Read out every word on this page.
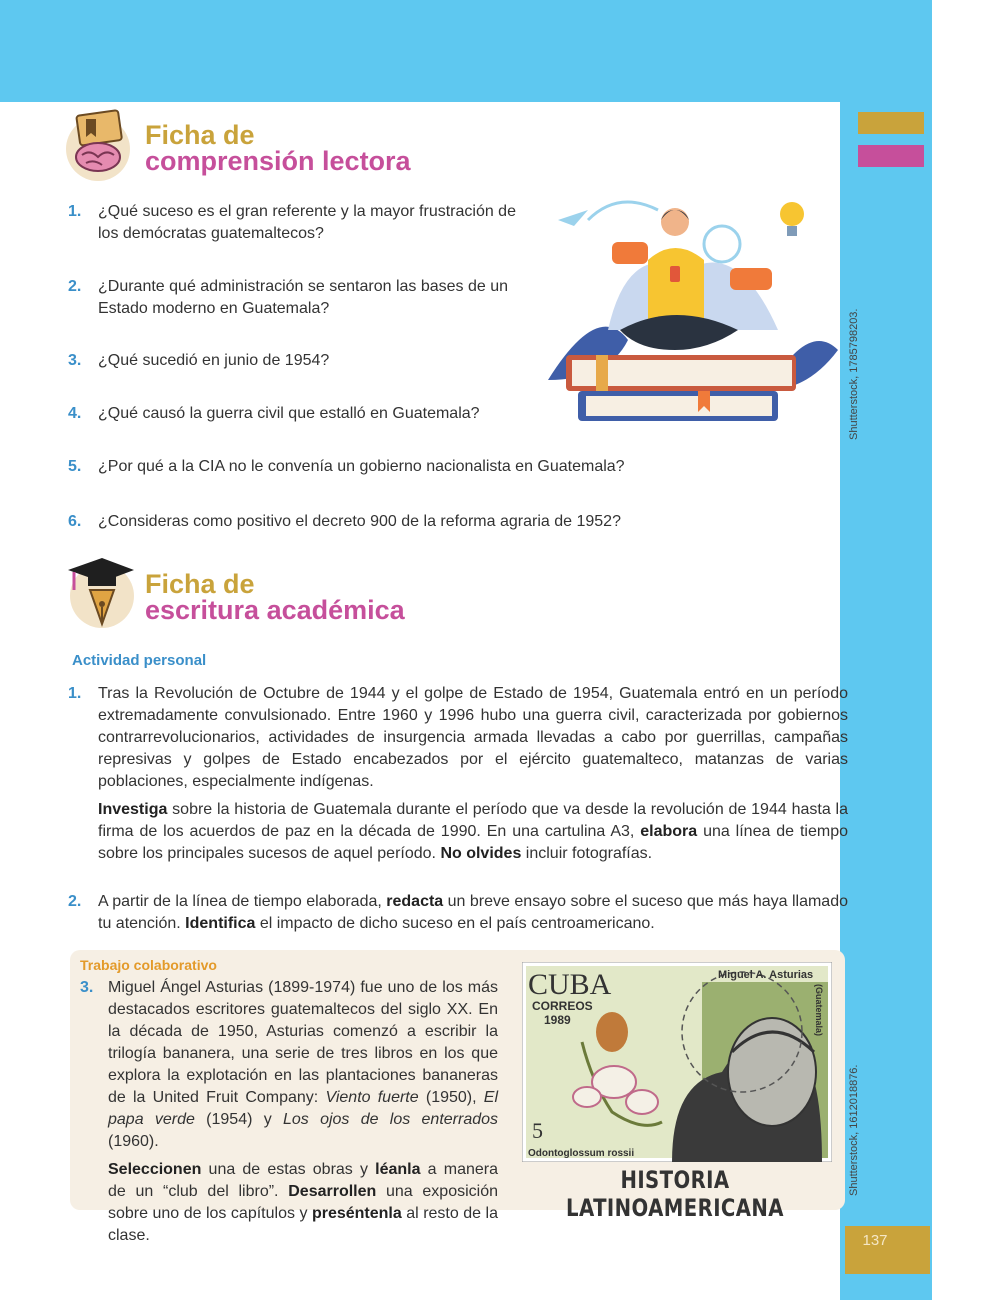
137
Shutterstock, 1785798203.
Shutterstock, 1612018876.
Ficha de
comprensión lectora
1.	¿Qué suceso es el gran referente y la mayor frustración de los demócratas guatemaltecos?
2.	¿Durante qué administración se sentaron las bases de un Estado moderno en Guatemala?
3.	¿Qué sucedió en junio de 1954?
4.	¿Qué causó la guerra civil que estalló en Guatemala?
5.	¿Por qué a la CIA no le convenía un gobierno nacionalista en Guatemala?
6.	¿Consideras como positivo el decreto 900 de la reforma agraria de 1952?
Ficha de
escritura académica
Actividad personal
1.	Tras la Revolución de Octubre de 1944 y el golpe de Estado de 1954, Guatemala entró en un período extremadamente convulsionado. Entre 1960 y 1996 hubo una guerra civil, caracterizada por gobiernos contrarrevolucionarios, actividades de insurgencia armada llevadas a cabo por guerrillas, campañas represivas y golpes de Estado encabezados por el ejército guatemalteco, matanzas de varias poblaciones, especialmente indígenas.

Investiga sobre la historia de Guatemala durante el período que va desde la revolución de 1944 hasta la firma de los acuerdos de paz en la década de 1990. En una cartulina A3, elabora una línea de tiempo sobre los principales sucesos de aquel período. No olvides incluir fotografías.

2.	A partir de la línea de tiempo elaborada, redacta un breve ensayo sobre el suceso que más haya llamado tu atención. Identifica el impacto de dicho suceso en el país centroamericano.
Trabajo colaborativo
3. Miguel Ángel Asturias (1899-1974) fue uno de los más destacados escritores guatemaltecos del siglo XX. En la década de 1950, Asturias comenzó a escribir la trilogía bananera, una serie de tres libros en los que explora la explotación en las plantaciones bananeras de la United Fruit Company: Viento fuerte (1950), El papa verde (1954) y Los ojos de los enterrados (1960).

Seleccionen una de estas obras y léanla a manera de un “club del libro”. Desarrollen una exposición sobre uno de los capítulos y preséntenla al resto de la clase.

CUBA
CORREOS
1989
Miguel A. Asturias
(Guatemala)
5
Odontoglossum rossii
HISTORIA LATINOAMERICANA
